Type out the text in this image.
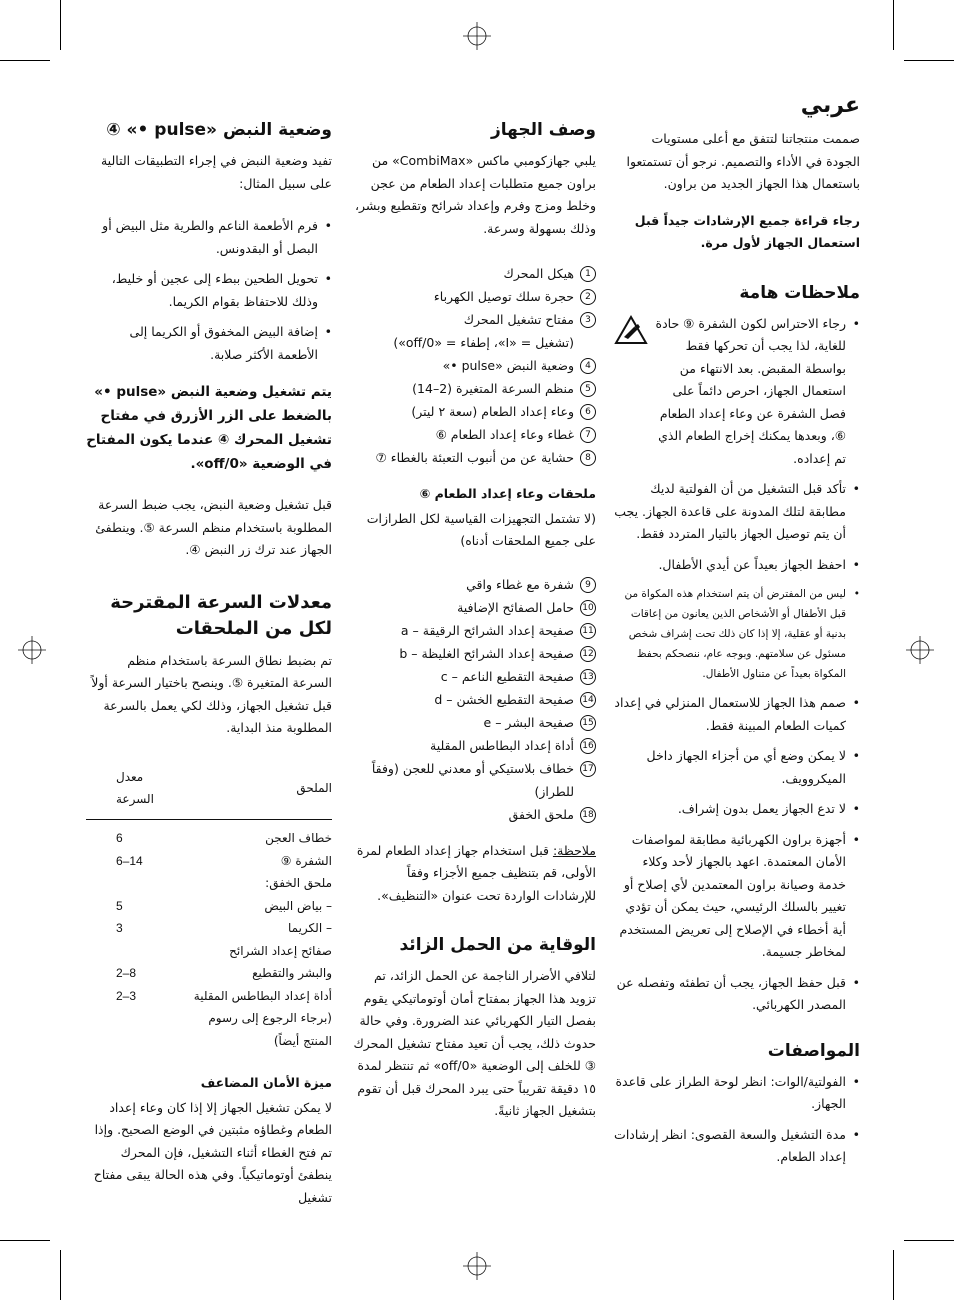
عربي

صممت منتجاتنا لتتفق مع أعلى مستويات الجودة في الأداء والتصميم. نرجو أن تستمتعوا باستعمال هذا الجهاز الجديد من براون.

رجاء قراءة جميع الإرشادات جيداً قبل استعمال الجهاز لأول مرة.

ملاحظات هامة
• رجاء الاحتراس لكون الشفرة ⑨ حادة للغاية، لذا يجب أن تحركها فقط بواسطة المقبض. بعد الانتهاء من استعمال الجهاز، احرص دائماً على فصل الشفرة عن وعاء إعداد الطعام ⑥، وبعدها يمكنك إخراج الطعام الذي تم إعداده.
• تأكد قبل التشغيل من أن الفولتية لديك مطابقة لتلك المدونة على قاعدة الجهاز. يجب أن يتم توصيل الجهاز بالتيار المتردد فقط.
• احفظ الجهاز بعيداً عن أيدي الأطفال.
• ليس من المفترض أن يتم استخدام هذه المكواة من قبل الأطفال أو الأشخاص الذين يعانون من إعاقات بدنية أو عقلية، إلا إذا كان ذلك تحت إشراف شخص مسئول عن سلامتهم. وبوجه عام، ننصحكم بحفظ المكواة بعيداً عن متناول الأطفال.
• صمم هذا الجهاز للاستعمال المنزلي في إعداد كميات الطعام المبينة فقط.
• لا يمكن وضع أي من أجزاء الجهاز داخل الميكروويف.
• لا تدع الجهاز يعمل بدون إشراف.
• أجهزة براون الكهربائية مطابقة لمواصفات الأمان المعتمدة. اعهد بالجهاز لأحد وكلاء خدمة وصيانة براون المعتمدين لأي إصلاح أو تغيير بالسلك الرئيسي، حيث يمكن أن تؤدي أية أخطاء في الإصلاح إلى تعريض المستخدم لمخاطر جسيمة.
• قبل حفظ الجهاز، يجب أن تطفئه وتفصله عن المصدر الكهربائي.
المواصفات
• الفولتية/الوات: انظر لوحة الطراز على قاعدة الجهاز.
• مدة التشغيل والسعة القصوى: انظر إرشادات إعداد الطعام.
وصف الجهاز

يلبي جهازكومبي ماكس «CombiMax» من براون جميع متطلبات إعداد الطعام من عجن وخلط ومزج وفرم وإعداد شرائح وتقطيع وبشر، وذلك بسهولة وسرعة.

1
هيكل المحرك
2
حجرة سلك توصيل الكهرباء
3
مفتاح تشغيل المحرك
(تشغيل = «I»، إطفاء = «off/0»)
4
وضعية النبض «pulse •»
5
منظم السرعة المتغيرة (2–14)
6
وعاء إعداد الطعام (سعة ٢ ليتر)
7
غطاء وعاء إعداد الطعام ⑥
8
حشاية عن من أنبوب التعبئة بالغطاء ⑦

ملحقات وعاء إعداد الطعام ⑥

(لا تشتمل التجهيزات القياسية لكل الطرازات على جميع الملحقات أدناه)

9
شفرة مع غطاء واقي
10
حامل الصفائح الإضافية
11
صفيحة إعداد الشرائح الرقيقة – a
12
صفيحة إعداد الشرائح الغليظة – b
13
صفيحة التقطيع الناعم – c
14
صفيحة التقطيع الخشن – d
15
صفيحة البشر – e
16
أداة إعداد البطاطس المقلية
17
خطاف بلاستيكي أو معدني للعجن (وفقاً للطراز)
18
ملحق الخفق

ملاحظة: قبل استخدام جهاز إعداد الطعام لمرة الأولى، قم بتنظيف جميع الأجزاء وفقاً للإرشادات الواردة تحت عنوان «التنظيف».

الوقاية من الحمل الزائد

لتلافي الأضرار الناجمة عن الحمل الزائد، تم تزويد هذا الجهاز بمفتاح أمان أوتوماتيكي يقوم بفصل التيار الكهربائي عند الضرورة. وفي حالة حدوث ذلك، يجب أن تعيد مفتاح تشغيل المحرك ③ للخلف إلى الوضعية «off/0» ثم تنتظر لمدة ١٥ دقيقة تقريباً حتى يبرد المحرك قبل أن تقوم بتشغيل الجهاز ثانيةً.

وضعية النبض «pulse •» ④

تفيد وضعية النبض في إجراء التطبيقات التالية على سبيل المثال:

• فرم الأطعمة الناعم والطرية مثل البيض أو البصل أو البقدونس.
• تحويل الطحين ببطء إلى عجين أو خليط، وذلك للاحتفاظ بقوام الكريما.
• إضافة البيض المخفوق أو الكريما إلى الأطعمة الأكثر صلابة.

يتم تشغيل وضعية النبض «pulse •» بالضغط على الزر الأزرق في مفتاح تشغيل المحرك ④ عندما يكون المفتاح في الوضعية «off/0».

قبل تشغيل وضعية النبض، يجب ضبط السرعة المطلوبة باستخدام منظم السرعة ⑤. وينطفئ الجهاز عند ترك زر النبض ④.

معدلات السرعة المقترحة لكل من الملحقات

تم بضبط نطاق السرعة باستخدام منظم السرعة المتغيرة ⑤. وينصح باختيار السرعة أولاً قبل تشغيل الجهاز، وذلك لكي يعمل بالسرعة المطلوبة منذ البداية.

الملحق	معدل السرعة

خطاف العجن	6
الشفرة ⑨	6–14
ملحق الخفق:	
– بياض البيض	5
– الكريما	3
صفائح إعداد الشرائح	
والبشر والتقطيع	2–8
أداة إعداد البطاطس المقلية	2–3
(برجاء الرجوع إلى رسوم المنتج أيضاً)	

ميزة الأمان المضاعف

لا يمكن تشغيل الجهاز إلا إذا كان وعاء إعداد الطعام وغطاؤه مثبتين في الوضع الصحيح. وإذا تم فتح الغطاء أثناء التشغيل، فإن المحرك ينطفئ أوتوماتيكياً. وفي هذه الحالة يبقى مفتاح تشغيل
